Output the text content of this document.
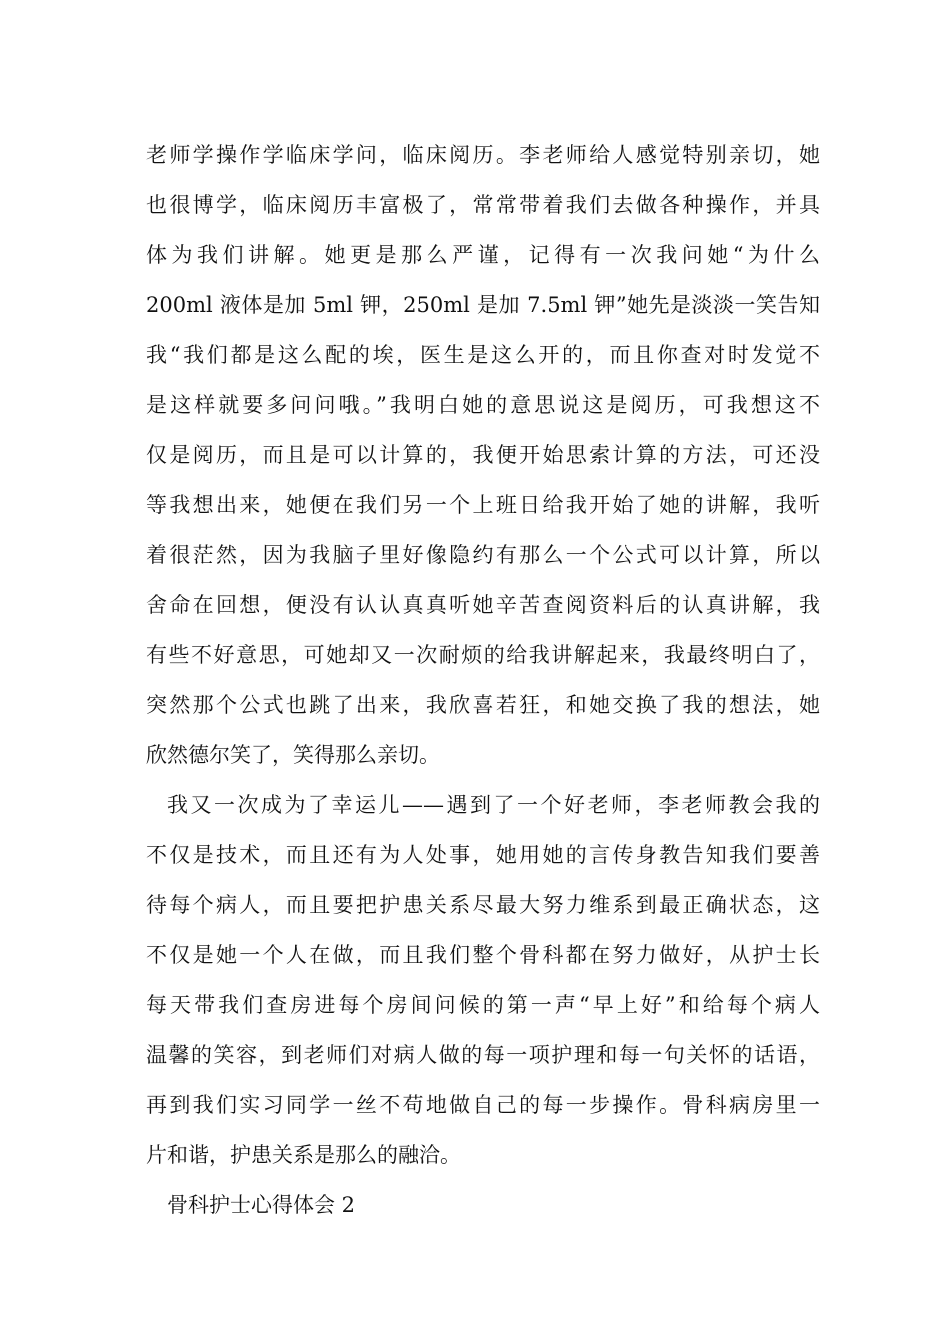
老师学操作学临床学问，临床阅历。李老师给人感觉特别亲切，她
也很博学，临床阅历丰富极了，常常带着我们去做各种操作，并具
体为我们讲解。她更是那么严谨，记得有一次我问她“为什么
200ml 液体是加 5ml 钾，250ml 是加 7.5ml 钾”她先是淡淡一笑告知
我“我们都是这么配的埃，医生是这么开的，而且你查对时发觉不
是这样就要多问问哦。”我明白她的意思说这是阅历，可我想这不
仅是阅历，而且是可以计算的，我便开始思索计算的方法，可还没
等我想出来，她便在我们另一个上班日给我开始了她的讲解，我听
着很茫然，因为我脑子里好像隐约有那么一个公式可以计算，所以
舍命在回想，便没有认认真真听她辛苦查阅资料后的认真讲解，我
有些不好意思，可她却又一次耐烦的给我讲解起来，我最终明白了，
突然那个公式也跳了出来，我欣喜若狂，和她交换了我的想法，她
欣然德尔笑了，笑得那么亲切。
我又一次成为了幸运儿——遇到了一个好老师，李老师教会我的
不仅是技术，而且还有为人处事，她用她的言传身教告知我们要善
待每个病人，而且要把护患关系尽最大努力维系到最正确状态，这
不仅是她一个人在做，而且我们整个骨科都在努力做好，从护士长
每天带我们查房进每个房间问候的第一声“早上好”和给每个病人
温馨的笑容，到老师们对病人做的每一项护理和每一句关怀的话语，
再到我们实习同学一丝不苟地做自己的每一步操作。骨科病房里一
片和谐，护患关系是那么的融洽。
骨科护士心得体会 2
